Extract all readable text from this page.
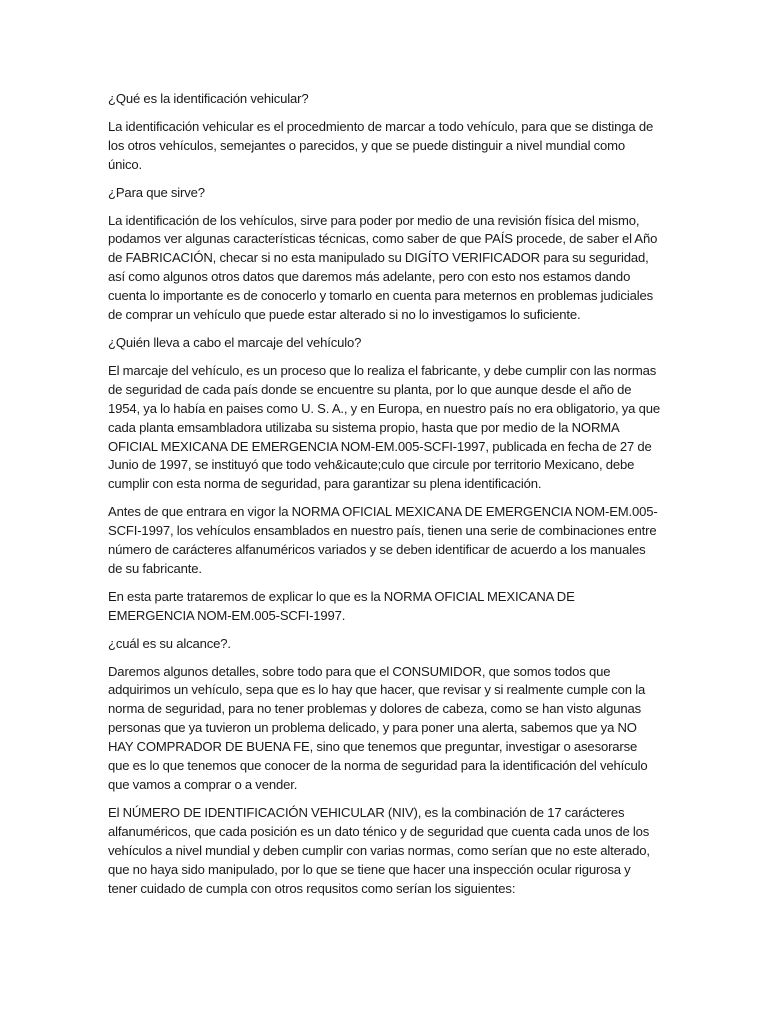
¿Qué es la identificación vehicular?

La identificación vehicular es el procedmiento de marcar a todo vehículo, para que se distinga de los otros vehículos, semejantes o parecidos, y que se puede distinguir a nivel mundial como único.

¿Para que sirve?

La identificación de los vehículos, sirve para poder por medio de una revisión física del mismo, podamos ver algunas características técnicas, como saber de que PAÍS procede, de saber el Año de FABRICACIÓN, checar si no esta manipulado su DIGÍTO VERIFICADOR para su seguridad, así como algunos otros datos que daremos más adelante, pero con esto nos estamos dando cuenta lo importante es de conocerlo y tomarlo en cuenta para meternos en problemas judiciales de comprar un vehículo que puede estar alterado si no lo investigamos lo suficiente.

¿Quién lleva a cabo el marcaje del vehículo?

El marcaje del vehículo, es un proceso que lo realiza el fabricante, y debe cumplir con las normas de seguridad de cada país donde se encuentre su planta, por lo que aunque desde el año de 1954, ya lo había en paises como U. S. A., y en Europa, en nuestro país no era obligatorio, ya que cada planta emsambladora utilizaba su sistema propio, hasta que por medio de la NORMA OFICIAL MEXICANA DE EMERGENCIA NOM-EM.005-SCFI-1997, publicada en fecha de 27 de Junio de 1997, se instituyó que todo veh&icaute;culo que circule por territorio Mexicano, debe cumplir con esta norma de seguridad, para garantizar su plena identificación.

Antes de que entrara en vigor la NORMA OFICIAL MEXICANA DE EMERGENCIA NOM-EM.005-SCFI-1997, los vehículos ensamblados en nuestro país, tienen una serie de combinaciones entre número de carácteres alfanuméricos variados y se deben identificar de acuerdo a los manuales de su fabricante.

En esta parte trataremos de explicar lo que es la NORMA OFICIAL MEXICANA DE EMERGENCIA NOM-EM.005-SCFI-1997.

¿cuál es su alcance?.

Daremos algunos detalles, sobre todo para que el CONSUMIDOR, que somos todos que adquirimos un vehículo, sepa que es lo hay que hacer, que revisar y si realmente cumple con la norma de seguridad, para no tener problemas y dolores de cabeza, como se han visto algunas personas que ya tuvieron un problema delicado, y para poner una alerta, sabemos que ya NO HAY COMPRADOR DE BUENA FE, sino que tenemos que preguntar, investigar o asesorarse que es lo que tenemos que conocer de la norma de seguridad para la identificación del vehículo que vamos a comprar o a vender.

El NÚMERO DE IDENTIFICACIÓN VEHICULAR (NIV), es la combinación de 17 carácteres alfanuméricos, que cada posición es un dato ténico y de seguridad que cuenta cada unos de los vehículos a nivel mundial y deben cumplir con varias normas, como serían que no este alterado, que no haya sido manipulado, por lo que se tiene que hacer una inspección ocular rigurosa y tener cuidado de cumpla con otros requsitos como serían los siguientes:
